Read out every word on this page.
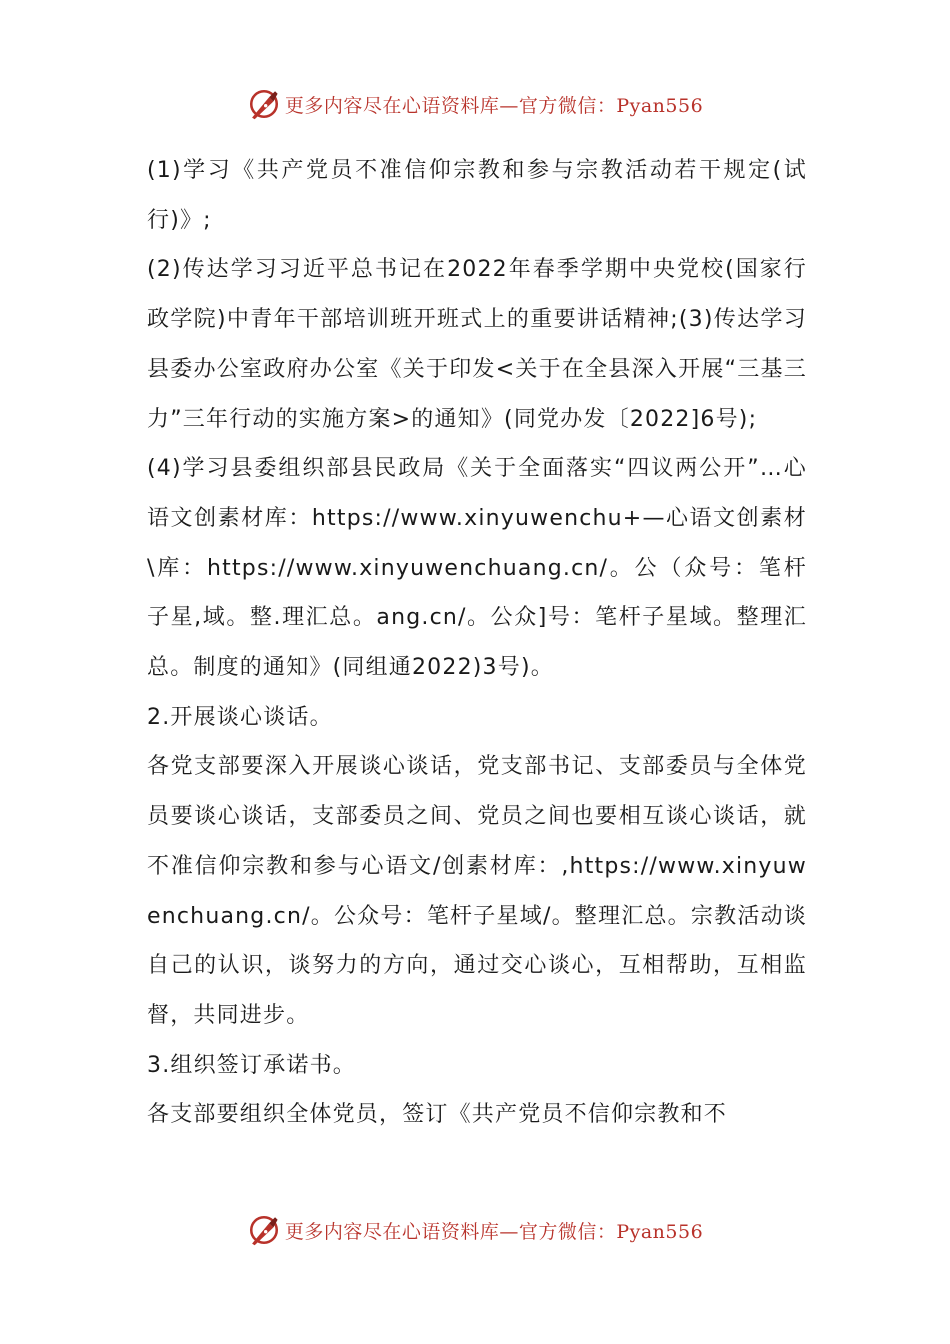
更多内容尽在心语资料库—官方微信：Pyan556

(1)学习《共产党员不准信仰宗教和参与宗教活动若干规定(试行)》;

(2)传达学习习近平总书记在2022年春季学期中央党校(国家行政学院)中青年干部培训班开班式上的重要讲话精神;(3)传达学习县委办公室政府办公室《关于印发<关于在全县深入开展“三基三力”三年行动的实施方案>的通知》(同党办发〔2022]6号);

(4)学习县委组织部县民政局《关于全面落实“四议两公开”…心语文创素材库：https://www.xinyuwenchu+—心语文创素材\库：https://www.xinyuwenchuang.cn/。公（众号：笔杆子星,域。整.理汇总。ang.cn/。公众]号：笔杆子星域。整理汇总。制度的通知》(同组通2022)3号)。

2.开展谈心谈话。

各党支部要深入开展谈心谈话，党支部书记、支部委员与全体党员要谈心谈话，支部委员之间、党员之间也要相互谈心谈话，就不准信仰宗教和参与心语文/创素材库：,https://www.xinyuwenchuang.cn/。公众号：笔杆子星域/。整理汇总。宗教活动谈自己的认识，谈努力的方向，通过交心谈心，互相帮助，互相监督，共同进步。

3.组织签订承诺书。

各支部要组织全体党员，签订《共产党员不信仰宗教和不

更多内容尽在心语资料库—官方微信：Pyan556
